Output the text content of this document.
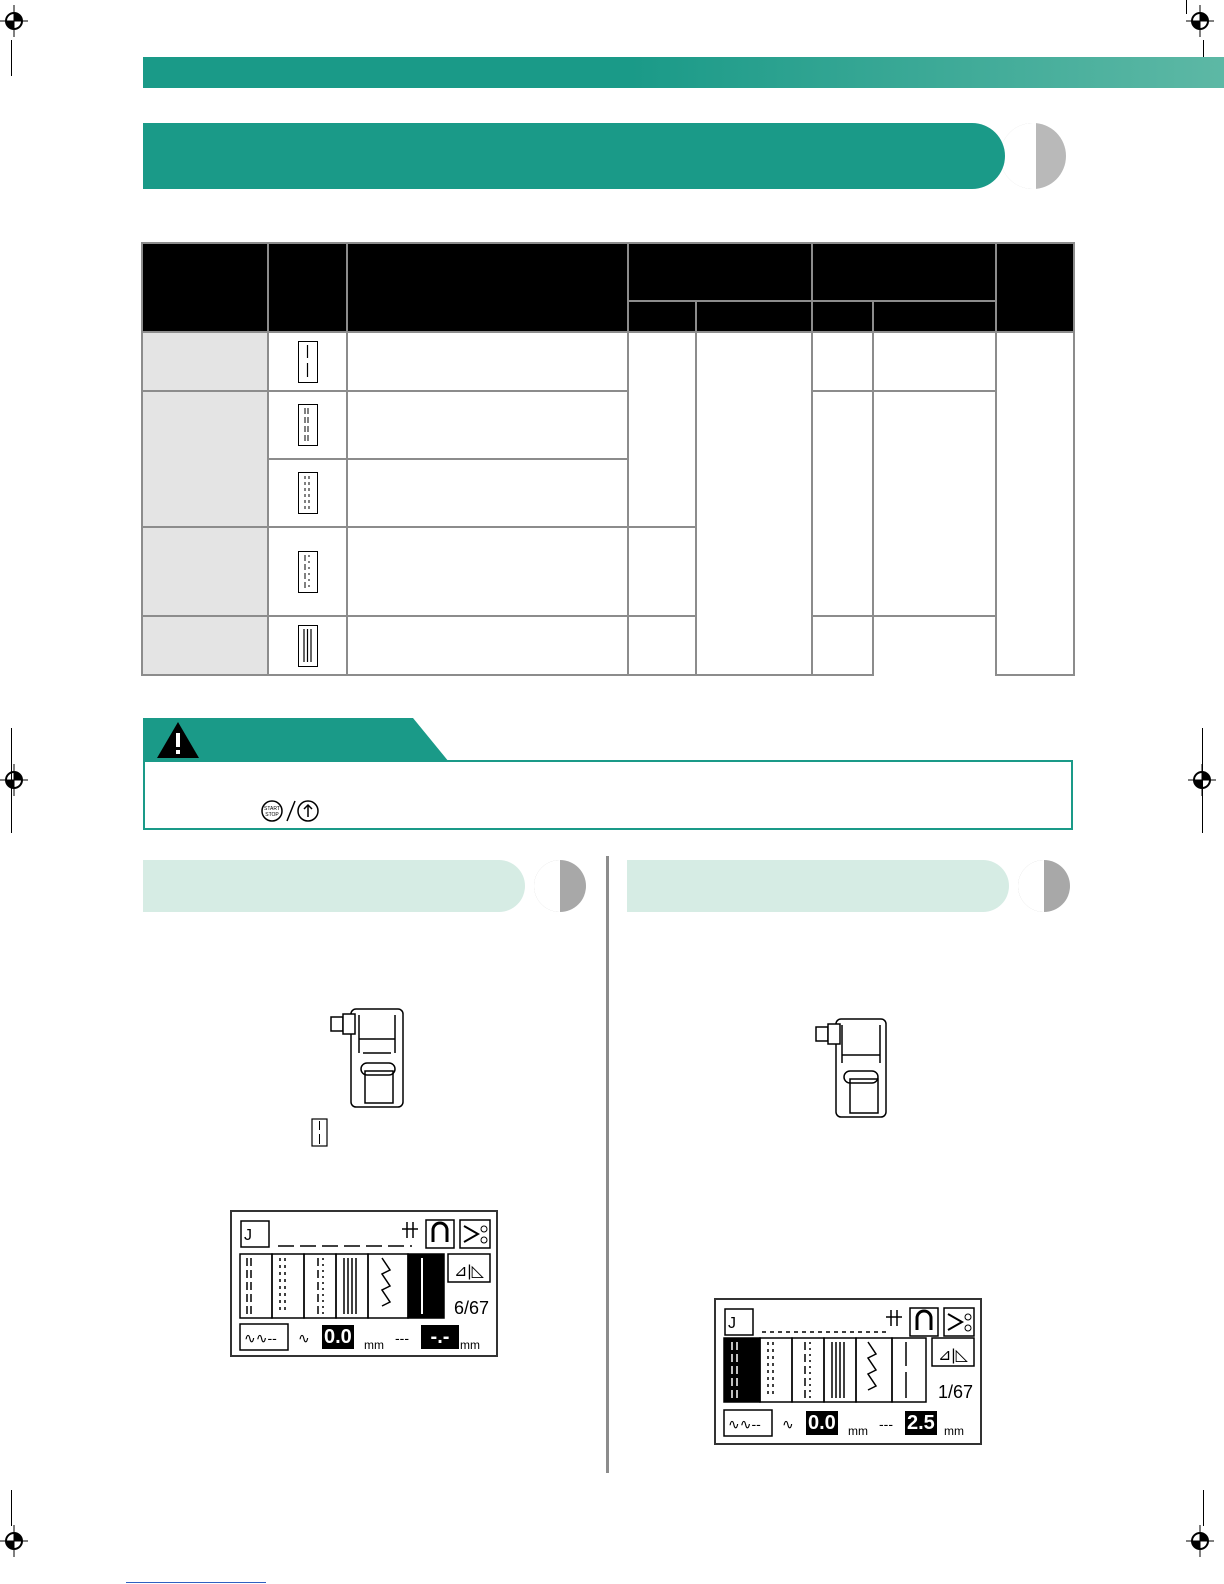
START
STOP
J
⊿|◺
∿∿-- ∿	---
6/67
0.0 mm	-.- mm
J
⊿|◺
∿∿-- ∿	---
1/67
0.0 mm 2.5 mm
